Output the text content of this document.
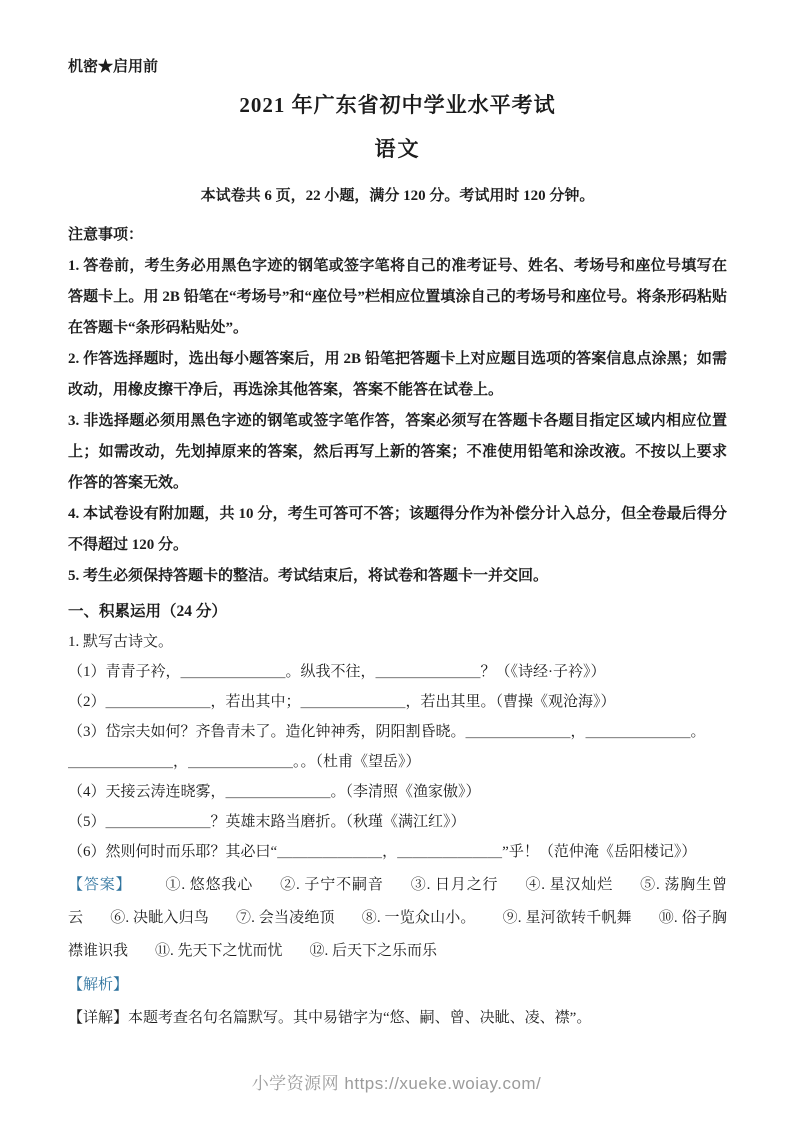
机密★启用前
2021 年广东省初中学业水平考试
语文
本试卷共 6 页，22 小题，满分 120 分。考试用时 120 分钟。
注意事项：

1. 答卷前，考生务必用黑色字迹的钢笔或签字笔将自己的准考证号、姓名、考场号和座位号填写在答题卡上。用 2B 铅笔在“考场号”和“座位号”栏相应位置填涂自己的考场号和座位号。将条形码粘贴在答题卡“条形码粘贴处”。

2. 作答选择题时，选出每小题答案后，用 2B 铅笔把答题卡上对应题目选项的答案信息点涂黑；如需改动，用橡皮擦干净后，再选涂其他答案，答案不能答在试卷上。

3. 非选择题必须用黑色字迹的钢笔或签字笔作答，答案必须写在答题卡各题目指定区域内相应位置上；如需改动，先划掉原来的答案，然后再写上新的答案；不准使用铅笔和涂改液。不按以上要求作答的答案无效。

4. 本试卷设有附加题，共 10 分，考生可答可不答；该题得分作为补偿分计入总分，但全卷最后得分不得超过 120 分。

5. 考生必须保持答题卡的整洁。考试结束后，将试卷和答题卡一并交回。

一、积累运用（24 分）
1. 默写古诗文。

（1）青青子衿，＿＿＿＿＿＿＿。纵我不往，＿＿＿＿＿＿＿？（《诗经·子衿》）

（2）＿＿＿＿＿＿＿，若出其中；＿＿＿＿＿＿＿，若出其里。（曹操《观沧海》）

（3）岱宗夫如何？齐鲁青未了。造化钟神秀，阴阳割昏晓。＿＿＿＿＿＿＿，＿＿＿＿＿＿＿。

＿＿＿＿＿＿＿，＿＿＿＿＿＿＿。。（杜甫《望岳》）

（4）天接云涛连晓雾，＿＿＿＿＿＿＿。（李清照《渔家傲》）

（5）＿＿＿＿＿＿＿？英雄末路当磨折。（秋瑾《满江红》）

（6）然则何时而乐耶？其必曰“＿＿＿＿＿＿＿，＿＿＿＿＿＿＿”乎！（范仲淹《岳阳楼记》）

【答案】 ①. 悠悠我心 ②. 子宁不嗣音 ③. 日月之行 ④. 星汉灿烂 ⑤. 荡胸生曾云 ⑥. 决眦入归鸟 ⑦. 会当凌绝顶 ⑧. 一览众山小。 ⑨. 星河欲转千帆舞 ⑩. 俗子胸襟谁识我 ⑪. 先天下之忧而忧 ⑫. 后天下之乐而乐
【解析】
【详解】本题考查名句名篇默写。其中易错字为“悠、嗣、曾、决眦、凌、襟”。
小学资源网 https://xueke.woiay.com/
